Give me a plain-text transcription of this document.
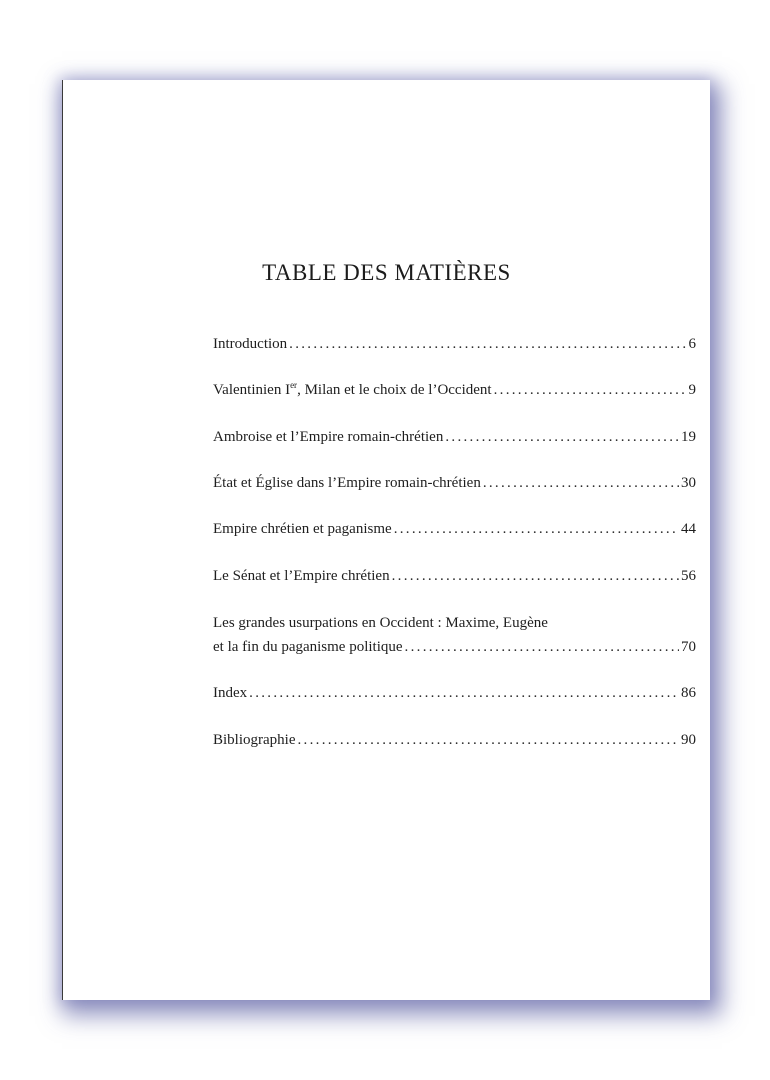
TABLE DES MATIÈRES
Introduction .....	6
Valentinien Ier, Milan et le choix de l’Occident .....	9
Ambroise et l’Empire romain-chrétien .....	19
État et Église dans l’Empire romain-chrétien .....	30
Empire chrétien et paganisme .....	44
Le Sénat et l’Empire chrétien .....	56
Les grandes usurpations en Occident : Maxime, Eugène
et la fin du paganisme politique .....	70
Index .....	86
Bibliographie .....	90
